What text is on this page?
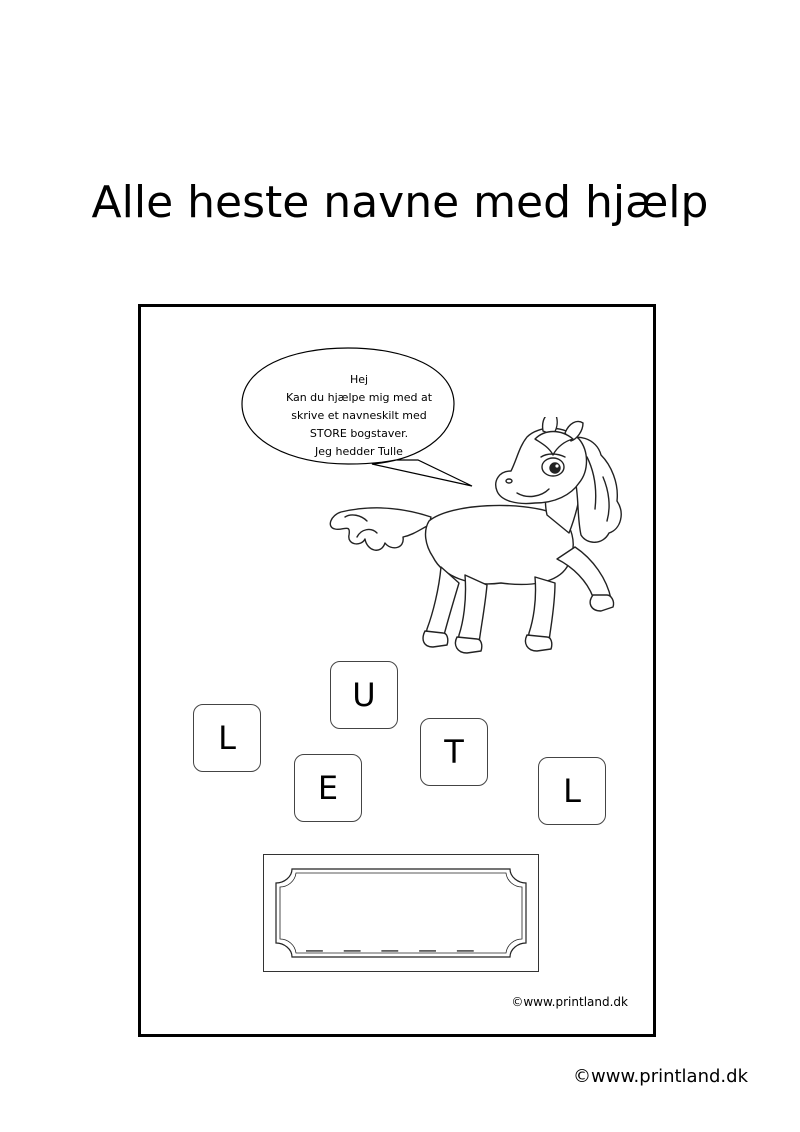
Alle heste navne med hjælp
Hej
Kan du hjælpe mig med at
skrive et navneskilt med
STORE bogstaver.
Jeg hedder Tulle
L
U
E
T
L
_ _ _ _ _
©www.printland.dk
©www.printland.dk
